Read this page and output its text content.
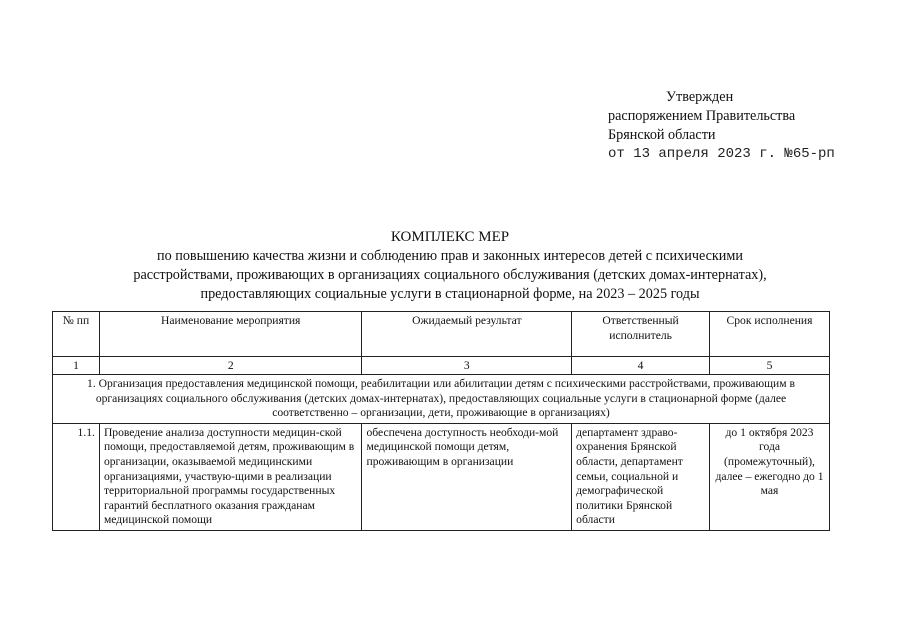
Утвержден
распоряжением Правительства
Брянской области
от 13 апреля 2023 г. №65-рп
КОМПЛЕКС МЕР
по повышению качества жизни и соблюдению прав и законных интересов детей с психическими
расстройствами, проживающих в организациях социального обслуживания (детских домах-интернатах),
предоставляющих социальные услуги в стационарной форме, на 2023 – 2025 годы
№ пп	Наименование мероприятия	Ожидаемый результат	Ответственный исполнитель	Срок исполнения
1	2	3	4	5
1. Организация предоставления медицинской помощи, реабилитации или абилитации детям с психическими расстройствами, проживающим в организациях социального обслуживания (детских домах-интернатах), предоставляющих социальные услуги в стационарной форме (далее соответственно – организации, дети, проживающие в организациях)				
1.1.	Проведение анализа доступности медицин-ской помощи, предоставляемой детям, проживающим в организации, оказываемой медицинскими организациями, участвую-щими в реализации территориальной программы государственных гарантий бесплатного оказания гражданам медицинской помощи	обеспечена доступность необходи-мой медицинской помощи детям, проживающим в организации	департамент здраво-охранения Брянской области, департамент семьи, социальной и демографической политики Брянской области	до 1 октября 2023 года (промежуточный), далее – ежегодно до 1 мая
